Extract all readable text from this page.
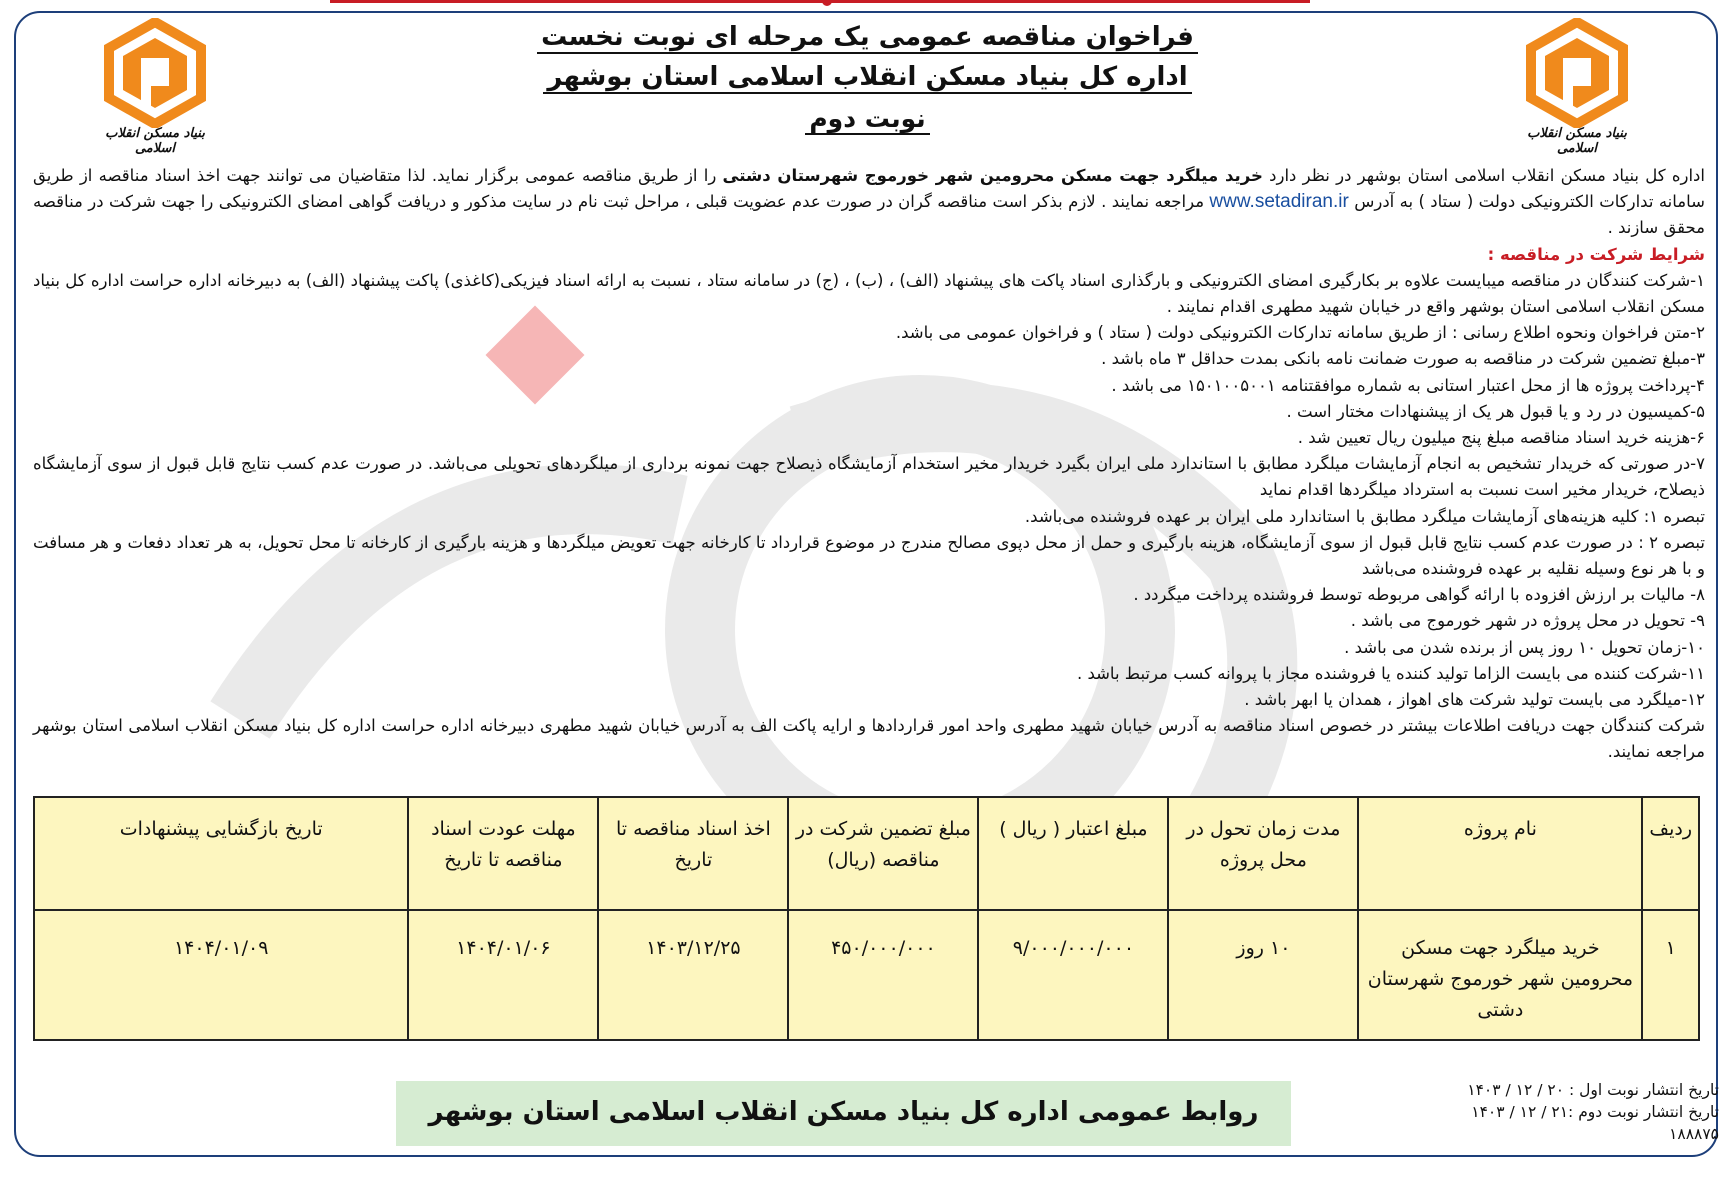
بنیاد مسکن انقلاب اسلامی
بنیاد مسکن انقلاب اسلامی
فراخوان مناقصه عمومی یک مرحله ای نوبت نخست
اداره کل بنیاد مسکن انقلاب اسلامی استان بوشهر
نوبت دوم

اداره کل بنیاد مسکن انقلاب اسلامی استان بوشهر در نظر دارد خرید میلگرد جهت مسکن محرومین شهر خورموج شهرستان دشتی را از طریق مناقصه عمومی برگزار نماید. لذا متقاضیان می توانند جهت اخذ اسناد مناقصه از طریق سامانه تدارکات الکترونیکی دولت ( ستاد ) به آدرس www.setadiran.ir مراجعه نمایند . لازم بذکر است مناقصه گران در صورت عدم عضویت قبلی ، مراحل ثبت نام در سایت مذکور و دریافت گواهی امضای الکترونیکی را جهت شرکت در مناقصه محقق سازند .

شرایط شرکت در مناقصه :

۱-شرکت کنندگان در مناقصه میبایست علاوه بر بکارگیری امضای الکترونیکی و بارگذاری اسناد پاکت های پیشنهاد (الف) ، (ب) ، (ج) در سامانه ستاد ، نسبت به ارائه اسناد فیزیکی(کاغذی) پاکت پیشنهاد (الف) به دبیرخانه اداره حراست اداره کل بنیاد مسکن انقلاب اسلامی استان بوشهر واقع در خیابان شهید مطهری اقدام نمایند .

۲-متن فراخوان ونحوه اطلاع رسانی : از طریق سامانه تدارکات الکترونیکی دولت ( ستاد ) و فراخوان عمومی می باشد.

۳-مبلغ تضمین شرکت در مناقصه به صورت ضمانت نامه بانکی بمدت حداقل ۳ ماه باشد .

۴-پرداخت پروژه ها از محل اعتبار استانی به شماره موافقتنامه ۱۵۰۱۰۰۵۰۰۱ می باشد .

۵-کمیسیون در رد و یا قبول هر یک از پیشنهادات مختار است .

۶-هزینه خرید اسناد مناقصه مبلغ پنج میلیون ریال تعیین شد .

۷-در صورتی که خریدار تشخیص به انجام آزمایشات میلگرد مطابق با استاندارد ملی ایران بگیرد خریدار مخیر استخدام آزمایشگاه ذیصلاح جهت نمونه برداری از میلگردهای تحویلی می‌باشد. در صورت عدم کسب نتایج قابل قبول از سوی آزمایشگاه ذیصلاح، خریدار مخیر است نسبت به استرداد میلگردها اقدام نماید

تبصره ۱: کلیه هزینه‌های آزمایشات میلگرد مطابق با استاندارد ملی ایران بر عهده فروشنده می‌باشد.

تبصره ۲ : در صورت عدم کسب نتایج قابل قبول از سوی آزمایشگاه، هزینه بارگیری و حمل از محل دپوی مصالح مندرج در موضوع قرارداد تا کارخانه جهت تعویض میلگردها و هزینه بارگیری از کارخانه تا محل تحویل، به هر تعداد دفعات و هر مسافت و با هر نوع وسیله نقلیه بر عهده فروشنده می‌باشد

۸- مالیات بر ارزش افزوده با ارائه گواهی مربوطه توسط فروشنده پرداخت میگردد .

۹- تحویل در محل پروژه در شهر خورموج می باشد .

۱۰-زمان تحویل ۱۰ روز پس از برنده شدن می باشد .

۱۱-شرکت کننده می بایست الزاما تولید کننده یا فروشنده مجاز با پروانه کسب مرتبط باشد .

۱۲-میلگرد می بایست تولید شرکت های اهواز ، همدان یا ابهر باشد .

شرکت کنندگان جهت دریافت اطلاعات بیشتر در خصوص اسناد مناقصه به آدرس خیابان شهید مطهری واحد امور قراردادها و ارایه پاکت الف به آدرس خیابان شهید مطهری دبیرخانه اداره حراست اداره کل بنیاد مسکن انقلاب اسلامی استان بوشهر مراجعه نمایند.

ردیف	نام پروژه	مدت زمان تحول در محل پروژه	مبلغ اعتبار ( ریال )	مبلغ تضمین شرکت در مناقصه (ریال)	اخذ اسناد مناقصه تا تاریخ	مهلت عودت اسناد مناقصه تا تاریخ	تاریخ بازگشایی پیشنهادات
۱	خرید میلگرد جهت مسکن محرومین شهر خورموج شهرستان دشتی	۱۰ روز	۹/۰۰۰/۰۰۰/۰۰۰	۴۵۰/۰۰۰/۰۰۰	۱۴۰۳/۱۲/۲۵	۱۴۰۴/۰۱/۰۶	۱۴۰۴/۰۱/۰۹
روابط عمومی اداره کل بنیاد مسکن انقلاب اسلامی استان بوشهر
تاریخ انتشار نوبت اول : ۲۰ / ۱۲ / ۱۴۰۳
تاریخ انتشار نوبت دوم :۲۱ / ۱۲ / ۱۴۰۳
۱۸۸۸۷۵
